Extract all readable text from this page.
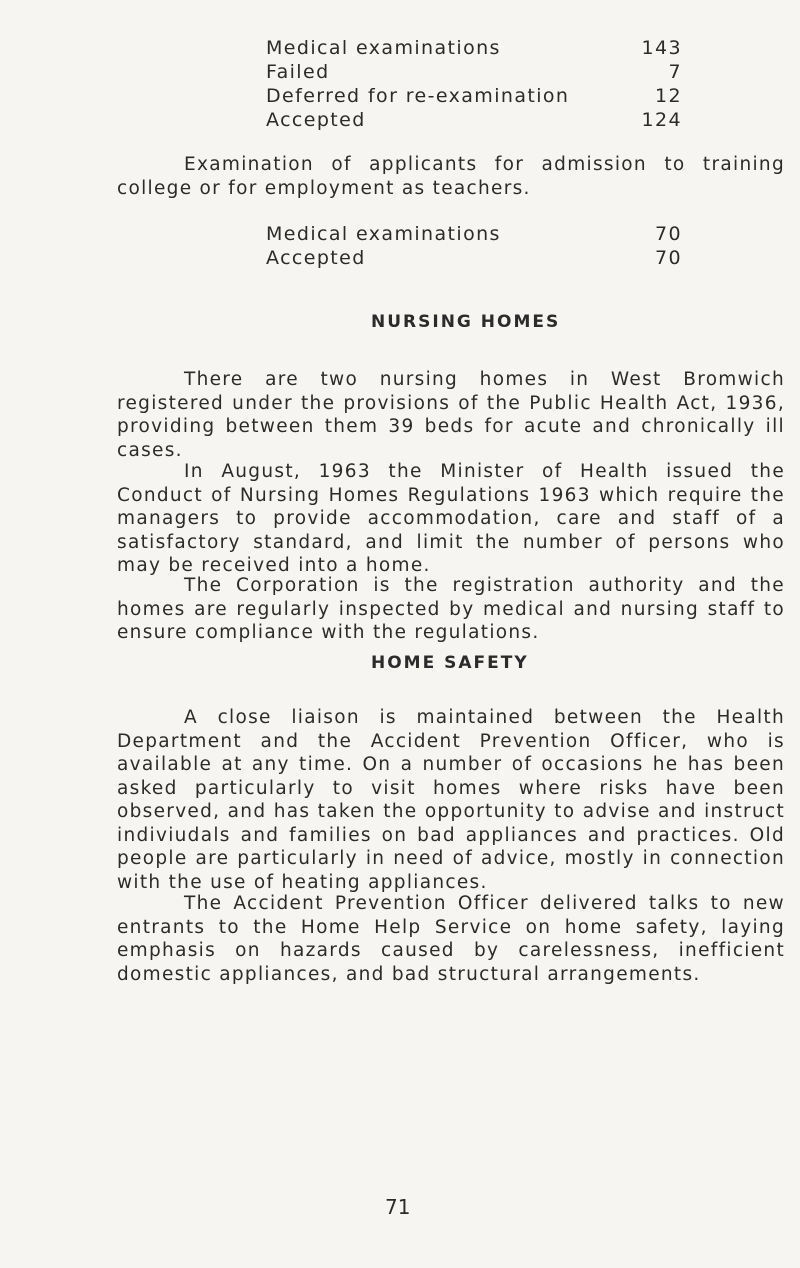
Medical examinations	143
Failed	7
Deferred for re-examination	12
Accepted	124

Examination of applicants for admission to training college or for employment as teachers.

Medical examinations	70
Accepted	70
NURSING HOMES

There are two nursing homes in West Bromwich registered under the provisions of the Public Health Act, 1936, providing between them 39 beds for acute and chronically ill cases.

In August, 1963 the Minister of Health issued the Conduct of Nursing Homes Regulations 1963 which require the managers to provide accommodation, care and staff of a satisfactory standard, and limit the number of persons who may be received into a home.

The Corporation is the registration authority and the homes are regularly inspected by medical and nursing staff to ensure compliance with the regulations.

HOME SAFETY

A close liaison is maintained between the Health Department and the Accident Prevention Officer, who is available at any time. On a number of occasions he has been asked particularly to visit homes where risks have been observed, and has taken the opportunity to advise and instruct indiviudals and families on bad appliances and practices. Old people are particularly in need of advice, mostly in connection with the use of heating appliances.

The Accident Prevention Officer delivered talks to new entrants to the Home Help Service on home safety, laying emphasis on hazards caused by carelessness, inefficient domestic appliances, and bad structural arrangements.

71
